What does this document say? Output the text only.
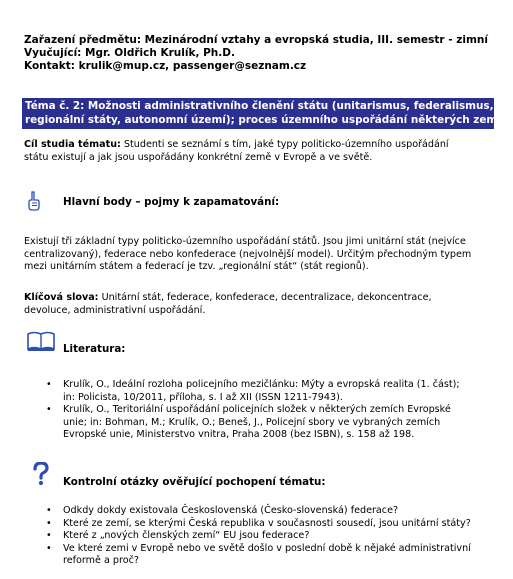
Zařazení předmětu: Mezinárodní vztahy a evropská studia, III. semestr - zimní
Vyučující: Mgr. Oldřich Krulík, Ph.D.
Kontakt: krulik@mup.cz, passenger@seznam.cz
Téma č. 2: Možnosti administrativního členění státu (unitarismus, federalismus,
regionální státy, autonomní území); proces územního uspořádání některých zemí
Cíl studia tématu: Studenti se seznámí s tím, jaké typy politicko-územního uspořádání
státu existují a jak jsou uspořádány konkrétní země v Evropě a ve světě.
Hlavní body – pojmy k zapamatování:
Existují tři základní typy politicko-územního uspořádání států. Jsou jimi unitární stát (nejvíce
centralizovaný), federace nebo konfederace (nejvolnější model). Určitým přechodným typem
mezi unitárním státem a federací je tzv. „regionální stát“ (stát regionů).
Klíčová slova: Unitární stát, federace, konfederace, decentralizace, dekoncentrace,
devoluce, administrativní uspořádání.
Literatura:
• Krulík, O., Ideální rozloha policejního mezičlánku: Mýty a evropská realita (1. část);
in: Policista, 10/2011, příloha, s. I až XII (ISSN 1211-7943).
• Krulík, O., Teritoriální uspořádání policejních složek v některých zemích Evropské
unie; in: Bohman, M.; Krulík, O.; Beneš, J., Policejní sbory ve vybraných zemích
Evropské unie, Ministerstvo vnitra, Praha 2008 (bez ISBN), s. 158 až 198.
Kontrolní otázky ověřující pochopení tématu:
• Odkdy dokdy existovala Československá (Česko-slovenská) federace?
• Které ze zemí, se kterými Česká republika v současnosti sousedí, jsou unitární státy?
• Které z „nových členských zemí“ EU jsou federace?
• Ve které zemi v Evropě nebo ve světě došlo v poslední době k nějaké administrativní
reformě a proč?
